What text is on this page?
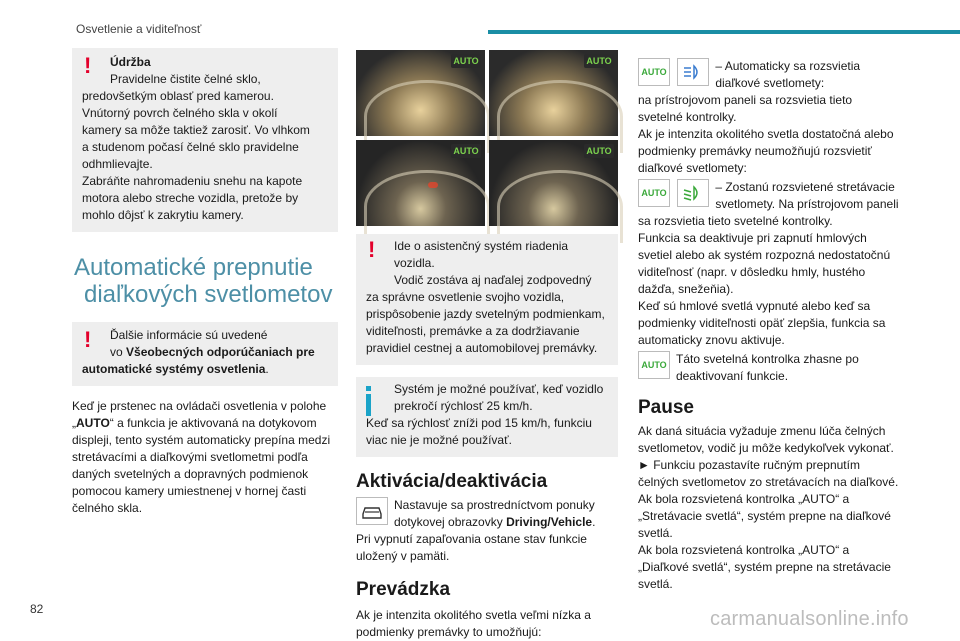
Osvetlenie a viditeľnosť
! Údržba

Pravidelne čistite čelné sklo,

predovšetkým oblasť pred kamerou.

Vnútorný povrch čelného skla v okolí

kamery sa môže taktiež zarosiť. Vo vlhkom

a studenom počasí čelné sklo pravidelne

odhmlievajte.

Zabráňte nahromadeniu snehu na kapote

motora alebo streche vozidla, pretože by

mohlo dôjsť k zakrytiu kamery.

Automatické prepnutie
diaľkových svetlometov
! Ďalšie informácie sú uvedené

vo Všeobecných odporúčaniach pre

automatické systémy osvetlenia.

Keď je prstenec na ovládači osvetlenia v polohe

„AUTO“ a funkcia je aktivovaná na dotykovom

displeji, tento systém automaticky prepína medzi

stretávacími a diaľkovými svetlometmi podľa

daných svetelných a dopravných podmienok

pomocou kamery umiestnenej v hornej časti

čelného skla.

AUTO	AUTO
AUTO	AUTO
! Ide o asistenčný systém riadenia vozidla.

Vodič zostáva aj naďalej zodpovedný

za správne osvetlenie svojho vozidla,

prispôsobenie jazdy svetelným podmienkam,

viditeľnosti, premávke a za dodržiavanie

pravidiel cestnej a automobilovej premávky.

Systém je možné používať, keď vozidlo

prekročí rýchlosť 25 km/h.

Keď sa rýchlosť zníži pod 15 km/h, funkciu

viac nie je možné používať.

Aktivácia/deaktivácia

Nastavuje sa prostredníctvom ponuky

dotykovej obrazovky Driving/Vehicle.

Pri vypnutí zapaľovania ostane stav funkcie

uložený v pamäti.

Prevádzka

Ak je intenzita okolitého svetla veľmi nízka a

podmienky premávky to umožňujú:

AUTO	– Automaticky sa rozsvietia

diaľkové svetlomety:

na prístrojovom paneli sa rozsvietia tieto

svetelné kontrolky.

Ak je intenzita okolitého svetla dostatočná alebo

podmienky premávky neumožňujú rozsvietiť

diaľkové svetlomety:

AUTO	– Zostanú rozsvietené stretávacie

svetlomety. Na prístrojovom paneli

sa rozsvietia tieto svetelné kontrolky.

Funkcia sa deaktivuje pri zapnutí hmlových

svetiel alebo ak systém rozpozná nedostatočnú

viditeľnosť (napr. v dôsledku hmly, hustého

dažďa, snežeňia).

Keď sú hmlové svetlá vypnuté alebo keď sa

podmienky viditeľnosti opäť zlepšia, funkcia sa

automaticky znovu aktivuje.

AUTO Táto svetelná kontrolka zhasne po

deaktivovaní funkcie.

Pause

Ak daná situácia vyžaduje zmenu lúča čelných

svetlometov, vodič ju môže kedykoľvek vykonať.

► Funkciu pozastavíte ručným prepnutím

čelných svetlometov zo stretávacích na diaľkové.

Ak bola rozsvietená kontrolka „AUTO“ a

„Stretávacie svetlá“, systém prepne na diaľkové

svetlá.

Ak bola rozsvietená kontrolka „AUTO“ a

„Diaľkové svetlá“, systém prepne na stretávacie

svetlá.

82	carmanualsonline.info
